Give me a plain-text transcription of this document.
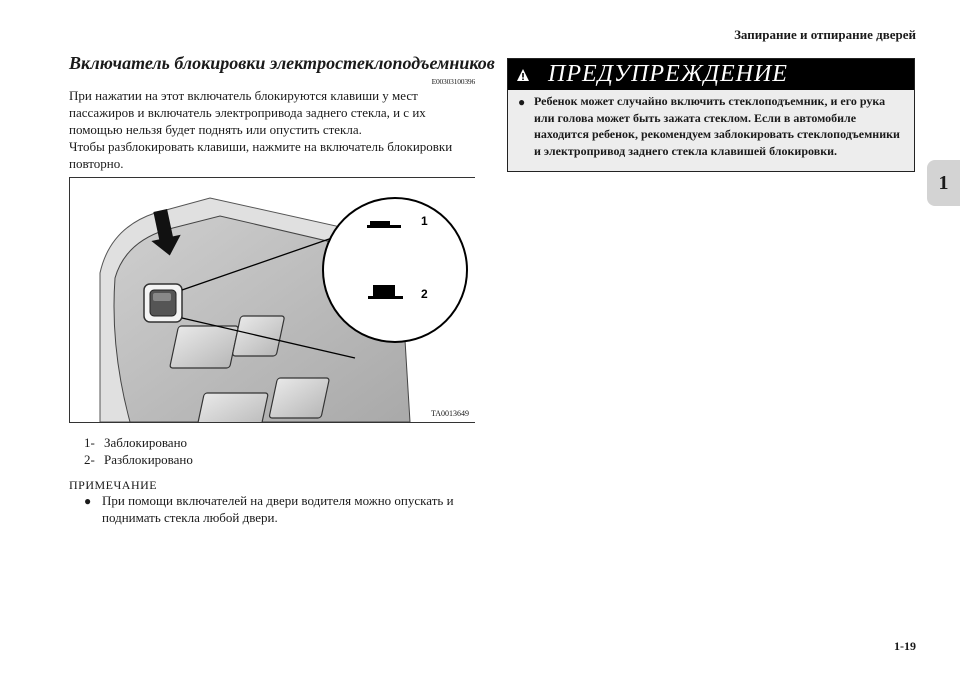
Запирание и отпирание дверей
1
Включатель блокировки электростеклоподъемников
E00303100396

При нажатии на этот включатель блокируются клавиши у мест пассажиров и включатель электропривода заднего стекла, и с их помощью нельзя будет поднять или опустить стекла.

Чтобы разблокировать клавиши, нажмите на включатель блокировки повторно.

1
2
TA0013649
1- Заблокировано
2- Разблокировано
ПРИМЕЧАНИЕ
● При помощи включателей на двери водителя можно опускать и поднимать стекла любой двери.
ПРЕДУПРЕЖДЕНИЕ
● Ребенок может случайно включить стеклоподъемник, и его рука или голова может быть зажата стеклом. Если в автомобиле находится ребенок, рекомендуем заблокировать стеклоподъемники и электропривод заднего стекла клавишей блокировки.
1-19
